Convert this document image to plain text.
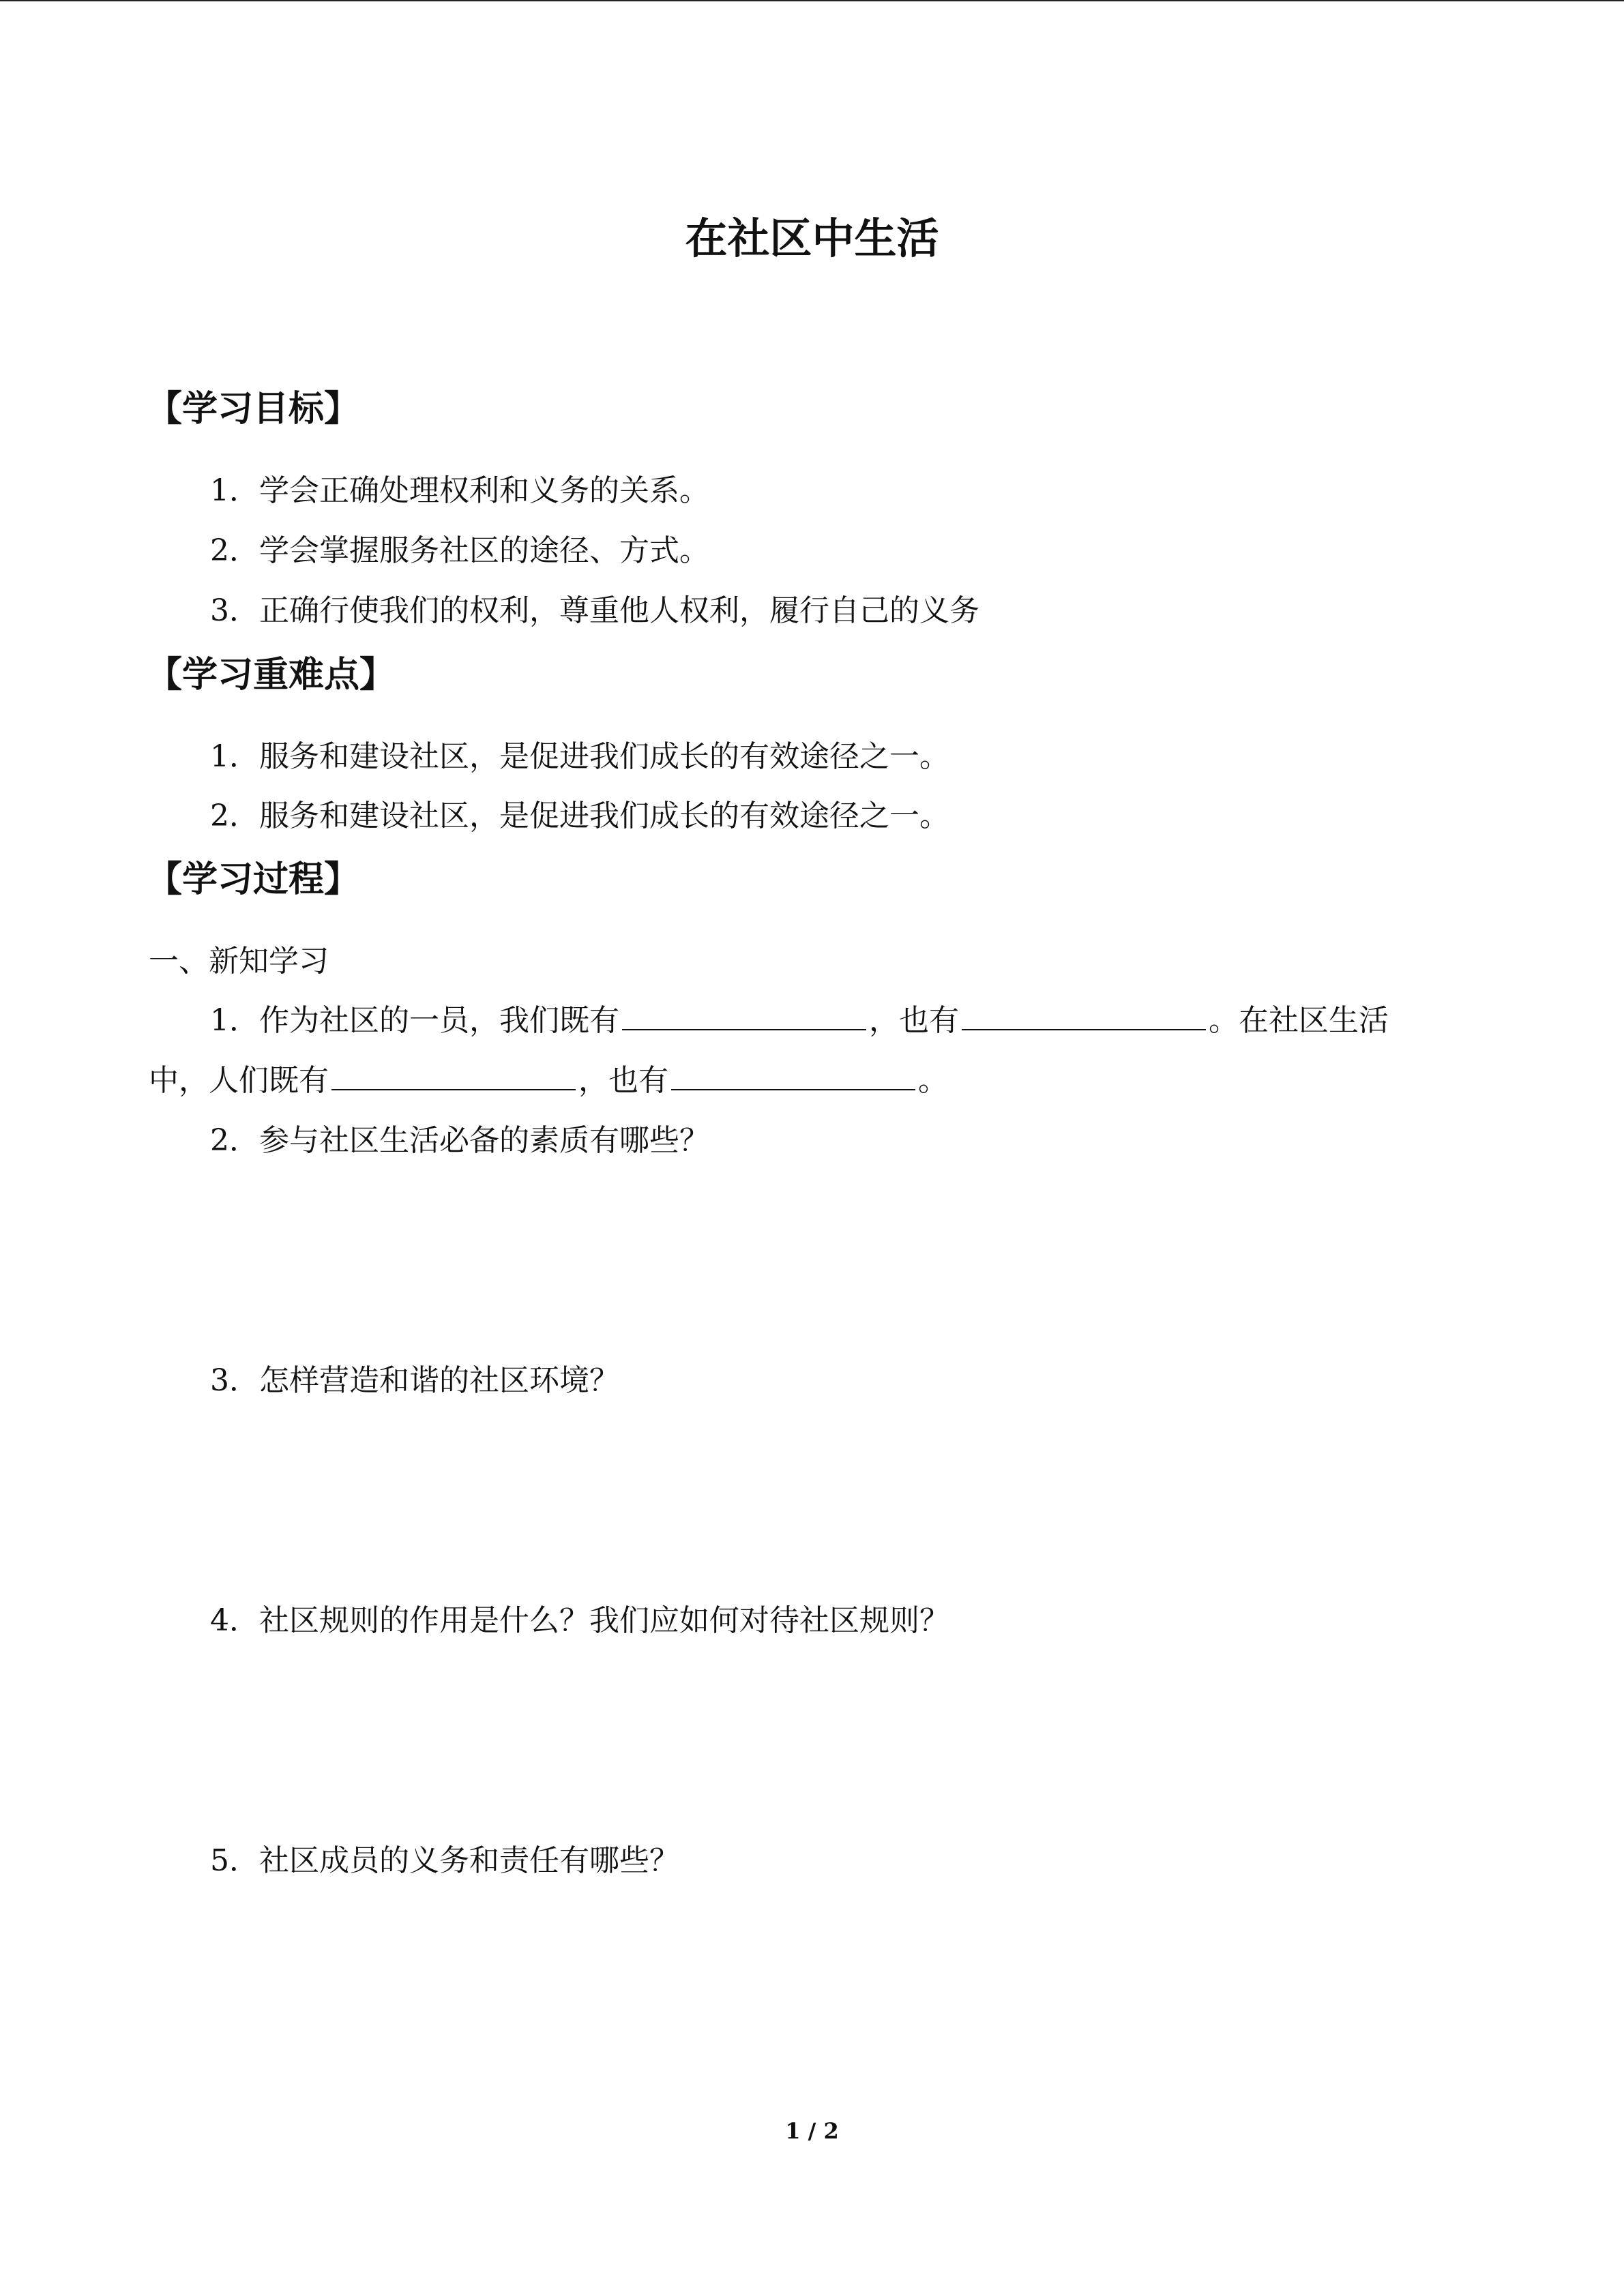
在社区中生活
【学习目标】
1．学会正确处理权利和义务的关系。
2．学会掌握服务社区的途径、方式。
3．正确行使我们的权利，尊重他人权利，履行自己的义务
【学习重难点】
1．服务和建设社区，是促进我们成长的有效途径之一。
2．服务和建设社区，是促进我们成长的有效途径之一。
【学习过程】
一、新知学习
1．作为社区的一员，我们既有	，也有	。在社区生活
中，人们既有	，也有	。
2．参与社区生活必备的素质有哪些？
3．怎样营造和谐的社区环境？
4．社区规则的作用是什么？我们应如何对待社区规则？
5．社区成员的义务和责任有哪些？
1 / 2
